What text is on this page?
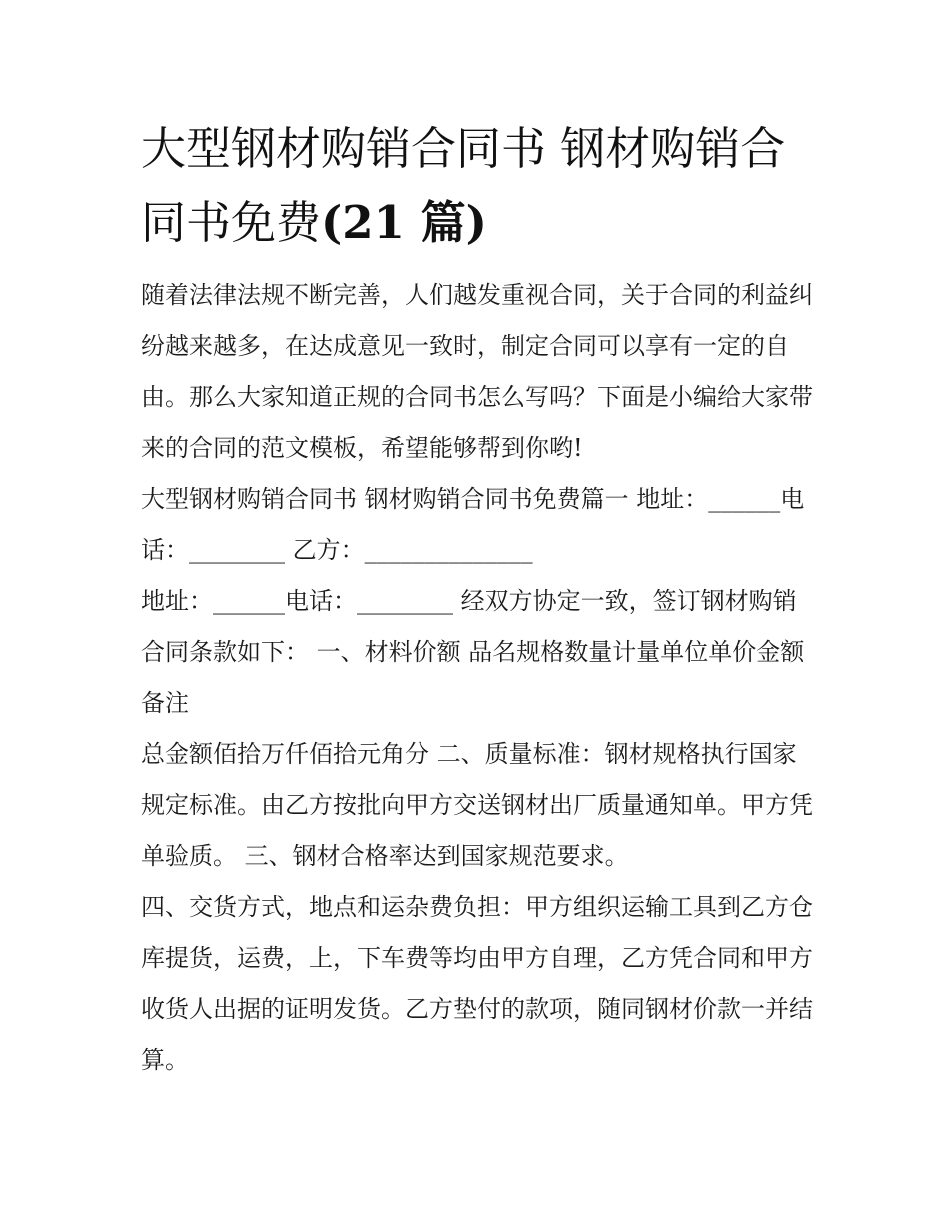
大型钢材购销合同书 钢材购销合同书免费(21 篇)

随着法律法规不断完善，人们越发重视合同，关于合同的利益纠纷越来越多，在达成意见一致时，制定合同可以享有一定的自由。那么大家知道正规的合同书怎么写吗？下面是小编给大家带来的合同的范文模板，希望能够帮到你哟!

大型钢材购销合同书 钢材购销合同书免费篇一 地址：______电话：________ 乙方：______________

地址：______电话：________ 经双方协定一致，签订钢材购销合同条款如下： 一、材料价额 品名规格数量计量单位单价金额备注

总金额佰拾万仟佰拾元角分 二、质量标准：钢材规格执行国家规定标准。由乙方按批向甲方交送钢材出厂质量通知单。甲方凭单验质。 三、钢材合格率达到国家规范要求。

四、交货方式，地点和运杂费负担：甲方组织运输工具到乙方仓库提货，运费，上，下车费等均由甲方自理，乙方凭合同和甲方收货人出据的证明发货。乙方垫付的款项，随同钢材价款一并结算。
